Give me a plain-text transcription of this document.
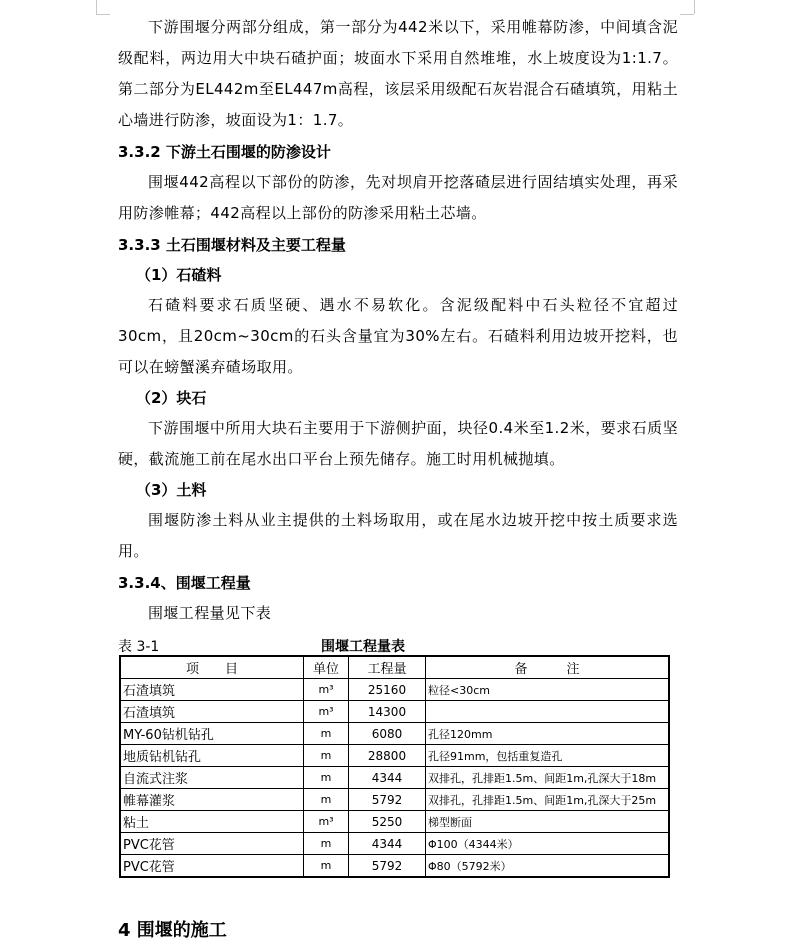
下游围堰分两部分组成，第一部分为442米以下，采用帷幕防渗，中间填含泥级配料，两边用大中块石碴护面；坡面水下采用自然堆堆，水上坡度设为1:1.7。第二部分为EL442m至EL447m高程，该层采用级配石灰岩混合石碴填筑，用粘土心墙进行防渗，坡面设为1：1.7。

3.3.2 下游土石围堰的防渗设计

围堰442高程以下部份的防渗，先对坝肩开挖落碴层进行固结填实处理，再采用防渗帷幕；442高程以上部份的防渗采用粘土芯墙。

3.3.3 土石围堰材料及主要工程量
（1）石碴料

石碴料要求石质坚硬、遇水不易软化。含泥级配料中石头粒径不宜超过30cm，且20cm~30cm的石头含量宜为30%左右。石碴料利用边坡开挖料，也可以在螃蟹溪弃碴场取用。

（2）块石

下游围堰中所用大块石主要用于下游侧护面，块径0.4米至1.2米，要求石质坚硬，截流施工前在尾水出口平台上预先储存。施工时用机械抛填。

（3）土料

围堰防渗土料从业主提供的土料场取用，或在尾水边坡开挖中按土质要求选用。

3.3.4、围堰工程量

围堰工程量见下表

表 3-1	围堰工程量表
项　　目	单位	工程量	备　　　注
石渣填筑	m³	25160	粒径<30cm
石渣填筑	m³	14300	
MY-60钻机钻孔	m	6080	孔径120mm
地质钻机钻孔	m	28800	孔径91mm，包括重复造孔
自流式注浆	m	4344	双排孔，孔排距1.5m、间距1m,孔深大于18m
帷幕灌浆	m	5792	双排孔，孔排距1.5m、间距1m,孔深大于25m
粘土	m³	5250	梯型断面
PVC花管	m	4344	Φ100（4344米）
PVC花管	m	5792	Φ80（5792米）
4 围堰的施工
